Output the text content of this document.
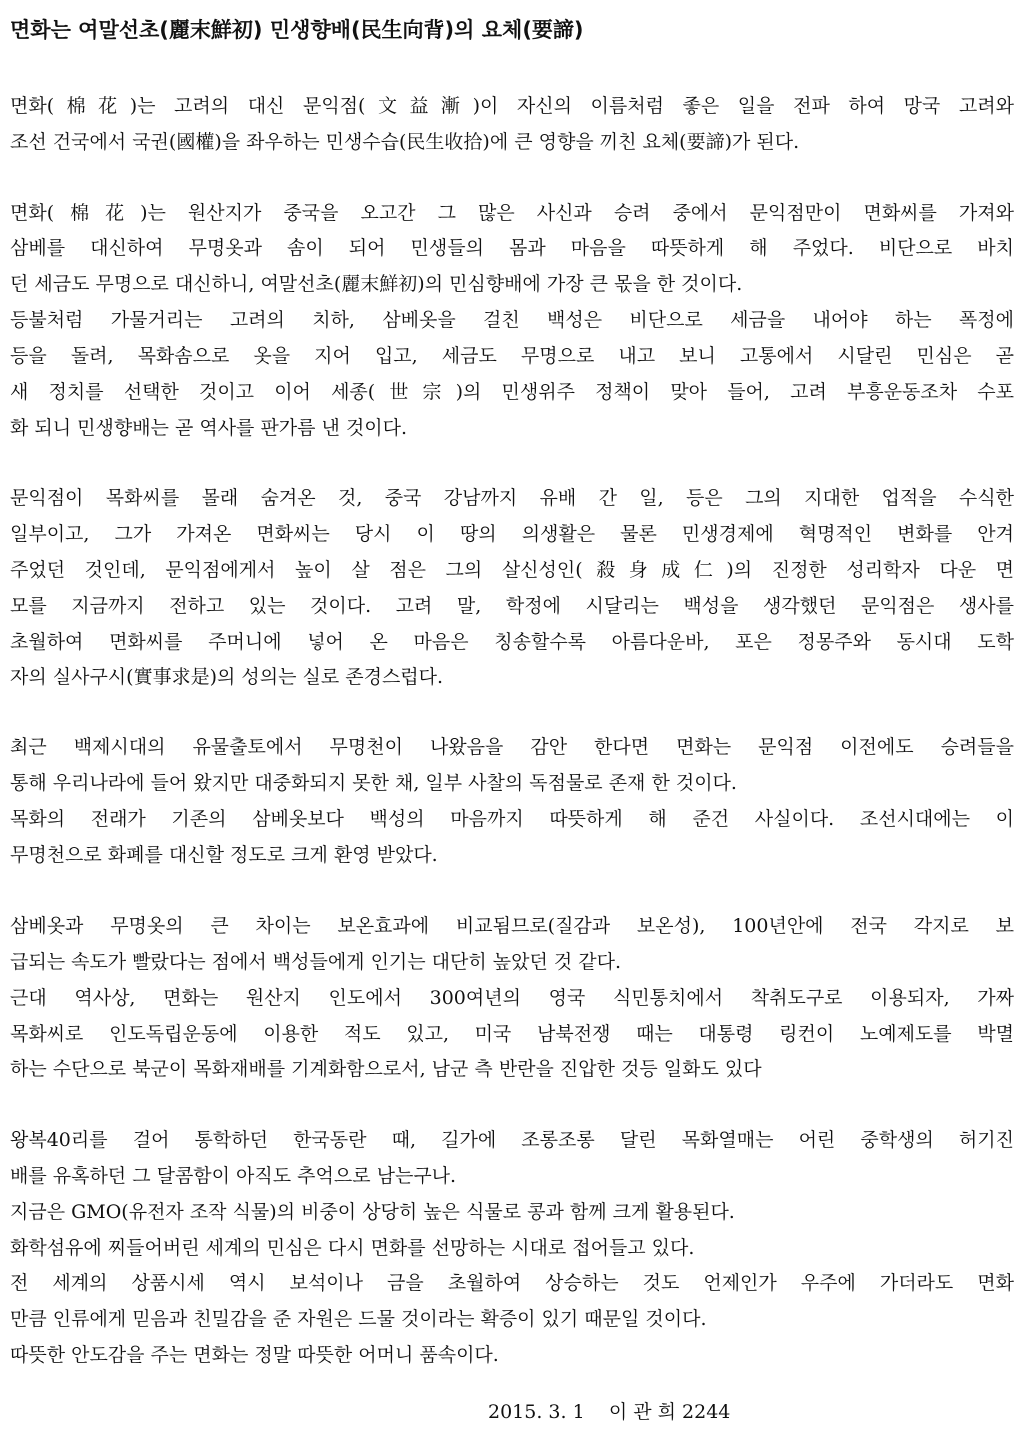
면화는 여말선초(麗末鮮初) 민생향배(民生向背)의 요체(要諦)
면화(棉花)는 고려의 대신 문익점(文益漸)이 자신의 이름처럼 좋은 일을 전파 하여 망국 고려와
조선 건국에서 국권(國權)을 좌우하는 민생수습(民生收拾)에 큰 영향을 끼친 요체(要諦)가 된다.
면화(棉花)는 원산지가 중국을 오고간 그 많은 사신과 승려 중에서 문익점만이 면화씨를 가져와
삼베를 대신하여 무명옷과 솜이 되어 민생들의 몸과 마음을 따뜻하게 해 주었다. 비단으로 바치
던 세금도 무명으로 대신하니, 여말선초(麗末鮮初)의 민심향배에 가장 큰 몫을 한 것이다.
등불처럼 가물거리는 고려의 치하, 삼베옷을 걸친 백성은 비단으로 세금을 내어야 하는 폭정에
등을 돌려, 목화솜으로 옷을 지어 입고, 세금도 무명으로 내고 보니 고통에서 시달린 민심은 곧
새 정치를 선택한 것이고 이어 세종(世宗)의 민생위주 정책이 맞아 들어, 고려 부흥운동조차 수포
화 되니 민생향배는 곧 역사를 판가름 낸 것이다.
문익점이 목화씨를 몰래 숨겨온 것, 중국 강남까지 유배 간 일, 등은 그의 지대한 업적을 수식한
일부이고, 그가 가져온 면화씨는 당시 이 땅의 의생활은 물론 민생경제에 혁명적인 변화를 안겨
주었던 것인데, 문익점에게서 높이 살 점은 그의 살신성인(殺身成仁)의 진정한 성리학자 다운 면
모를 지금까지 전하고 있는 것이다. 고려 말, 학정에 시달리는 백성을 생각했던 문익점은 생사를
초월하여 면화씨를 주머니에 넣어 온 마음은 칭송할수록 아름다운바, 포은 정몽주와 동시대 도학
자의 실사구시(實事求是)의 성의는 실로 존경스럽다.
최근 백제시대의 유물출토에서 무명천이 나왔음을 감안 한다면 면화는 문익점 이전에도 승려들을
통해 우리나라에 들어 왔지만 대중화되지 못한 채, 일부 사찰의 독점물로 존재 한 것이다.
목화의 전래가 기존의 삼베옷보다 백성의 마음까지 따뜻하게 해 준건 사실이다. 조선시대에는 이
무명천으로 화폐를 대신할 정도로 크게 환영 받았다.
삼베옷과 무명옷의 큰 차이는 보온효과에 비교됨므로(질감과 보온성), 100년안에 전국 각지로 보
급되는 속도가 빨랐다는 점에서 백성들에게 인기는 대단히 높았던 것 같다.
근대 역사상, 면화는 원산지 인도에서 300여년의 영국 식민통치에서 착취도구로 이용되자, 가짜
목화씨로 인도독립운동에 이용한 적도 있고, 미국 남북전쟁 때는 대통령 링컨이 노예제도를 박멸
하는 수단으로 북군이 목화재배를 기계화함으로서, 남군 측 반란을 진압한 것등 일화도 있다
왕복40리를 걸어 통학하던 한국동란 때, 길가에 조롱조롱 달린 목화열매는 어린 중학생의 허기진
배를 유혹하던 그 달콤함이 아직도 추억으로 남는구나.
지금은 GMO(유전자 조작 식물)의 비중이 상당히 높은 식물로 콩과 함께 크게 활용된다.
화학섬유에 찌들어버린 세계의 민심은 다시 면화를 선망하는 시대로 접어들고 있다.
전 세계의 상품시세 역시 보석이나 금을 초월하여 상승하는 것도 언제인가 우주에 가더라도 면화
만큼 인류에게 믿음과 친밀감을 준 자원은 드물 것이라는 확증이 있기 때문일 것이다.
따뜻한 안도감을 주는 면화는 정말 따뜻한 어머니 품속이다.
2015. 3. 1    이 관 희 2244
